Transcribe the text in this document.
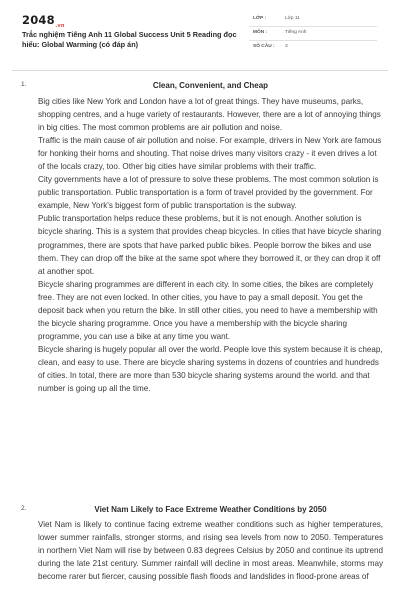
$2048_{.vn}$
Trắc nghiệm Tiếng Anh 11 Global Success Unit 5 Reading đọc hiểu: Global Warming (có đáp án)
LỚP :	Lớp 11
MÔN :	Tiếng Anh
SỐ CÂU : 3
1.	Clean, Convenient, and Cheap

Big cities like New York and London have a lot of great things. They have museums, parks, shopping centres, and a huge variety of restaurants. However, there are a lot of annoying things in big cities. The most common problems are air pollution and noise.

Traffic is the main cause of air pollution and noise. For example, drivers in New York are famous for honking their horns and shouting. That noise drives many visitors crazy - it even drives a lot of the locals crazy, too. Other big cities have similar problems with their traffic.

City governments have a lot of pressure to solve these problems. The most common solution is public transportation. Public transportation is a form of travel provided by the government. For example, New York's biggest form of public transportation is the subway.

Public transportation helps reduce these problems, but it is not enough. Another solution is bicycle sharing. This is a system that provides cheap bicycles. In cities that have bicycle sharing programmes, there are spots that have parked public bikes. People borrow the bikes and use them. They can drop off the bike at the same spot where they borrowed it, or they can drop it off at another spot.

Bicycle sharing programmes are different in each city. In some cities, the bikes are completely free. They are not even locked. In other cities, you have to pay a small deposit. You get the deposit back when you return the bike. In still other cities, you need to have a membership with the bicycle sharing programme. Once you have a membership with the bicycle sharing programme, you can use a bike at any time you want.

Bicycle sharing is hugely popular all over the world. People love this system because it is cheap, clean, and easy to use. There are bicycle sharing systems in dozens of countries and hundreds of cities. In total, there are more than 530 bicycle sharing systems around the world. and that number is going up all the time.

2.	Viet Nam Likely to Face Extreme Weather Conditions by 2050
Viet Nam is likely to continue facing extreme weather conditions such as higher temperatures, lower summer rainfalls, stronger storms, and rising sea levels from now to 2050. Temperatures in northern Viet Nam will rise by between 0.83 degrees Celsius by 2050 and continue its uptrend during the late 21st century. Summer rainfall will decline in most areas. Meanwhile, storms may become rarer but fiercer, causing possible flash floods and landslides in flood-prone areas of
